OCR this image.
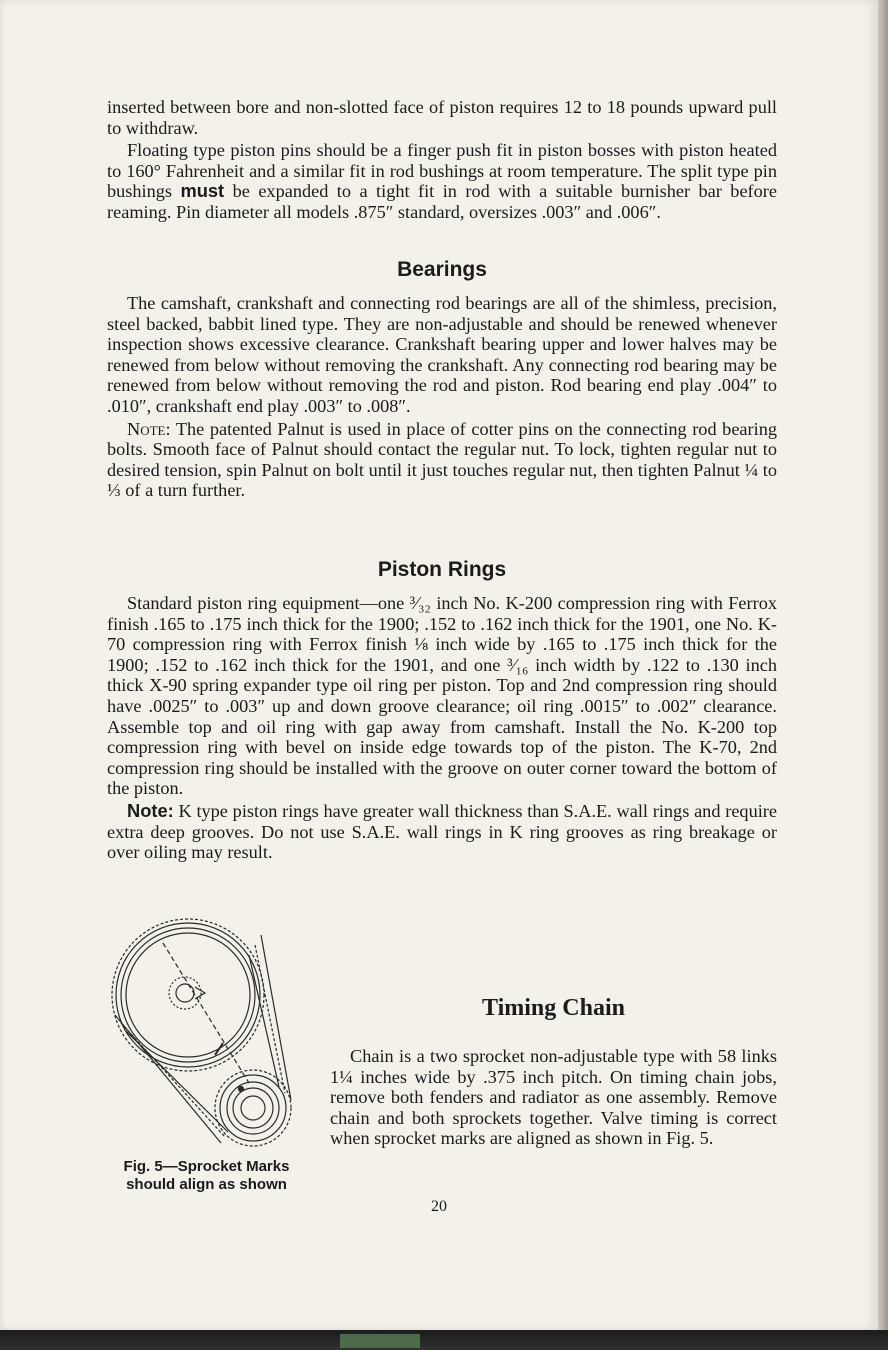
inserted between bore and non-slotted face of piston requires 12 to 18 pounds upward pull to withdraw.

Floating type piston pins should be a finger push fit in piston bosses with piston heated to 160° Fahrenheit and a similar fit in rod bushings at room temperature. The split type pin bushings must be expanded to a tight fit in rod with a suitable burnisher bar before reaming. Pin diameter all models .875″ standard, oversizes .003″ and .006″.

Bearings

The camshaft, crankshaft and connecting rod bearings are all of the shimless, precision, steel backed, babbit lined type. They are non-adjustable and should be renewed whenever inspection shows excessive clearance. Crankshaft bearing upper and lower halves may be renewed from below without removing the crankshaft. Any connecting rod bearing may be renewed from below without removing the rod and piston. Rod bearing end play .004″ to .010″, crankshaft end play .003″ to .008″.

Note: The patented Palnut is used in place of cotter pins on the connecting rod bearing bolts. Smooth face of Palnut should contact the regular nut. To lock, tighten regular nut to desired tension, spin Palnut on bolt until it just touches regular nut, then tighten Palnut ¼ to ⅓ of a turn further.

Piston Rings

Standard piston ring equipment—one ³⁄₃₂ inch No. K-200 compression ring with Ferrox finish .165 to .175 inch thick for the 1900; .152 to .162 inch thick for the 1901, one No. K-70 compression ring with Ferrox finish ⅛ inch wide by .165 to .175 inch thick for the 1900; .152 to .162 inch thick for the 1901, and one ³⁄₁₆ inch width by .122 to .130 inch thick X-90 spring expander type oil ring per piston. Top and 2nd compression ring should have .0025″ to .003″ up and down groove clearance; oil ring .0015″ to .002″ clearance. Assemble top and oil ring with gap away from camshaft. Install the No. K-200 top compression ring with bevel on inside edge towards top of the piston. The K-70, 2nd compression ring should be installed with the groove on outer corner toward the bottom of the piston.

Note: K type piston rings have greater wall thickness than S.A.E. wall rings and require extra deep grooves. Do not use S.A.E. wall rings in K ring grooves as ring breakage or over oiling may result.

Fig. 5—Sprocket Marks
should align as shown
Timing Chain

Chain is a two sprocket non-adjustable type with 58 links 1¼ inches wide by .375 inch pitch. On timing chain jobs, remove both fenders and radiator as one assembly. Remove chain and both sprockets together. Valve timing is correct when sprocket marks are aligned as shown in Fig. 5.

20
